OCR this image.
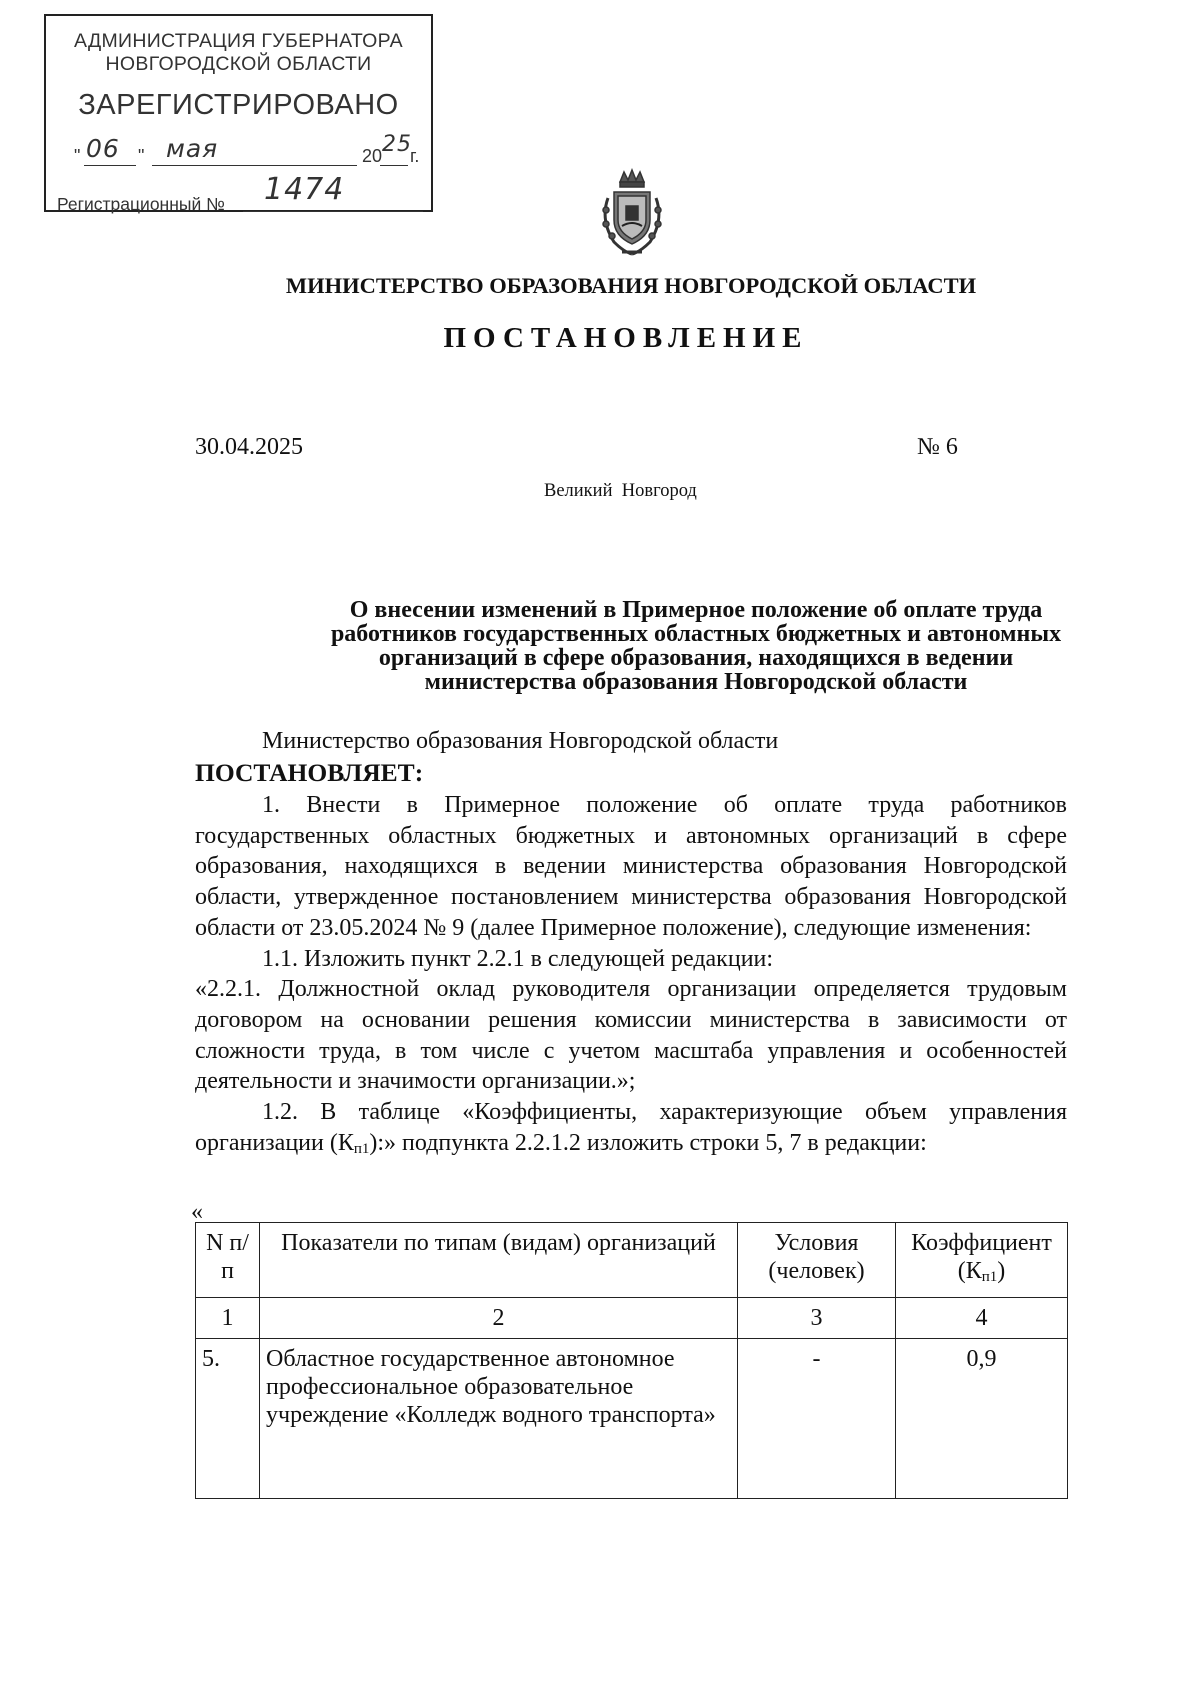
АДМИНИСТРАЦИЯ ГУБЕРНАТОРА
НОВГОРОДСКОЙ ОБЛАСТИ
ЗАРЕГИСТРИРОВАНО
" 06 " мая	20 25
г.
Регистрационный № 1474
МИНИСТЕРСТВО ОБРАЗОВАНИЯ НОВГОРОДСКОЙ ОБЛАСТИ
ПОСТАНОВЛЕНИЕ
30.04.2025	№ 6
Великий  Новгород
О внесении изменений в Примерное положение об оплате труда
работников государственных областных бюджетных и автономных
организаций в сфере образования, находящихся в ведении
министерства образования Новгородской области
Министерство образования Новгородской области
ПОСТАНОВЛЯЕТ:

1. Внести в Примерное положение об оплате труда работников государственных областных бюджетных и автономных организаций в сфере образования, находящихся в ведении министерства образования Новгородской области, утвержденное постановлением министерства образования Новгородской области от 23.05.2024 № 9 (далее Примерное положение), следующие изменения:

1.1. Изложить пункт 2.2.1 в следующей редакции:

«2.2.1. Должностной оклад руководителя организации определяется трудовым договором на основании решения комиссии министерства в зависимости от сложности труда, в том числе с учетом масштаба управления и особенностей деятельности и значимости организации.»;

1.2. В таблице «Коэффициенты, характеризующие объем управления организации $(К_{п1})$:» подпункта 2.2.1.2 изложить строки 5, 7 в редакции:

«
N п/п	Показатели по типам (видам) организаций	Условия (человек)	Коэффициент $(К_{п1})$
1	2	3	4
5.	Областное государственное автономное профессиональное образовательное учреждение «Колледж водного транспорта»	-	0,9
